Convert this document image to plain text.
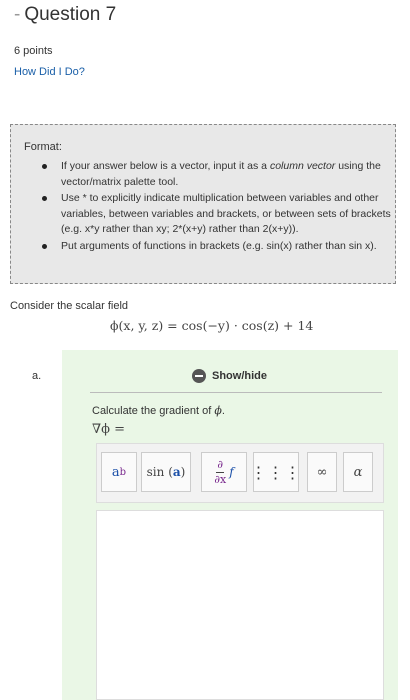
- Question 7
6 points
How Did I Do?
Format:
If your answer below is a vector, input it as a column vector using the vector/matrix palette tool.
Use * to explicitly indicate multiplication between variables and other variables, between variables and brackets, or between sets of brackets (e.g. x*y rather than xy; 2*(x+y) rather than 2(x+y)).
Put arguments of functions in brackets (e.g. sin(x) rather than sin x).
Consider the scalar field
ϕ(x, y, z) = cos(−y) · cos(z) + 14
a.	Show/hide
Calculate the gradient of ϕ.
∇ϕ =
a b sin
( a )	$\frac{\partial}{\partial x}$ f ⋮⋮⋮ ∞ α
